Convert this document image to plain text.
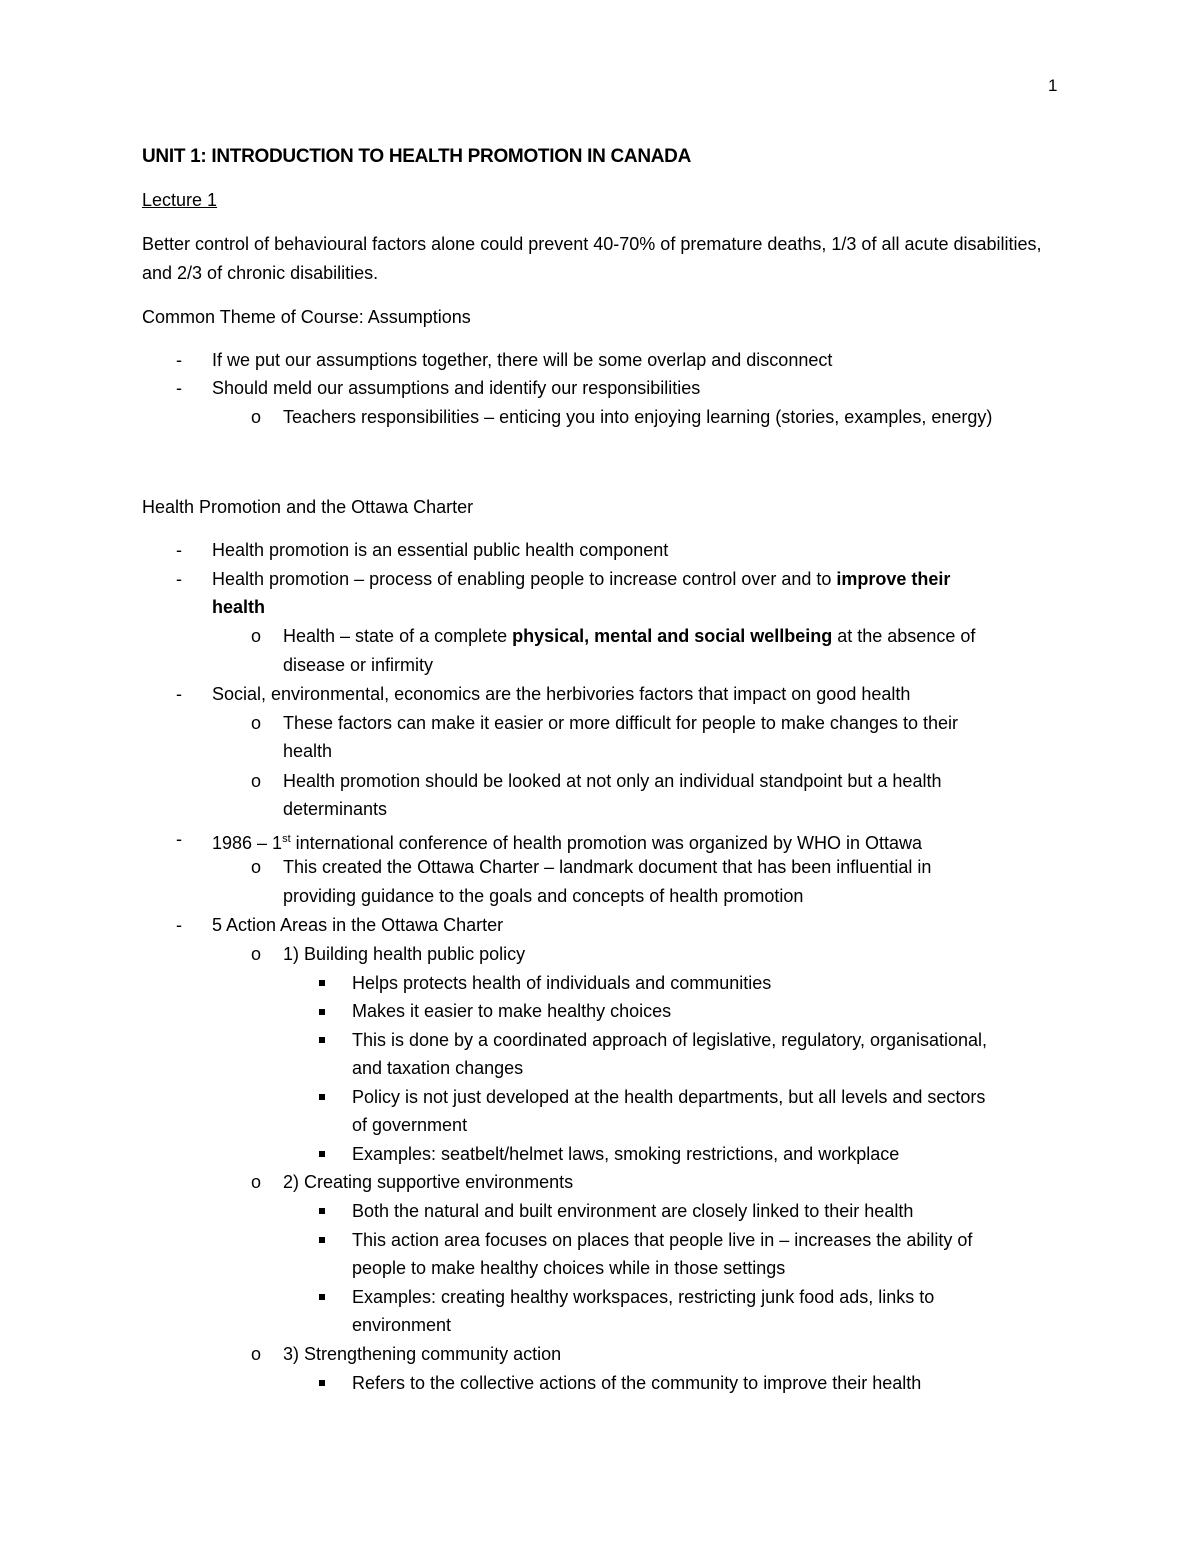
1
UNIT 1: INTRODUCTION TO HEALTH PROMOTION IN CANADA
Lecture 1
Better control of behavioural factors alone could prevent 40-70% of premature deaths, 1/3 of all acute disabilities, and 2/3 of chronic disabilities.
Common Theme of Course: Assumptions
- If we put our assumptions together, there will be some overlap and disconnect
- Should meld our assumptions and identify our responsibilities
o Teachers responsibilities – enticing you into enjoying learning (stories, examples, energy)
Health Promotion and the Ottawa Charter
- Health promotion is an essential public health component
- Health promotion – process of enabling people to increase control over and to improve their
health
o Health – state of a complete physical, mental and social wellbeing at the absence of
disease or infirmity
- Social, environmental, economics are the herbivories factors that impact on good health
o These factors can make it easier or more difficult for people to make changes to their
health
o Health promotion should be looked at not only an individual standpoint but a health
determinants
- 1986 – 1st international conference of health promotion was organized by WHO in Ottawa
o This created the Ottawa Charter – landmark document that has been influential in
providing guidance to the goals and concepts of health promotion
- 5 Action Areas in the Ottawa Charter
o 1) Building health public policy
Helps protects health of individuals and communities
Makes it easier to make healthy choices
This is done by a coordinated approach of legislative, regulatory, organisational,
and taxation changes
Policy is not just developed at the health departments, but all levels and sectors
of government
Examples: seatbelt/helmet laws, smoking restrictions, and workplace
o 2) Creating supportive environments
Both the natural and built environment are closely linked to their health
This action area focuses on places that people live in – increases the ability of
people to make healthy choices while in those settings
Examples: creating healthy workspaces, restricting junk food ads, links to
environment
o 3) Strengthening community action
Refers to the collective actions of the community to improve their health
